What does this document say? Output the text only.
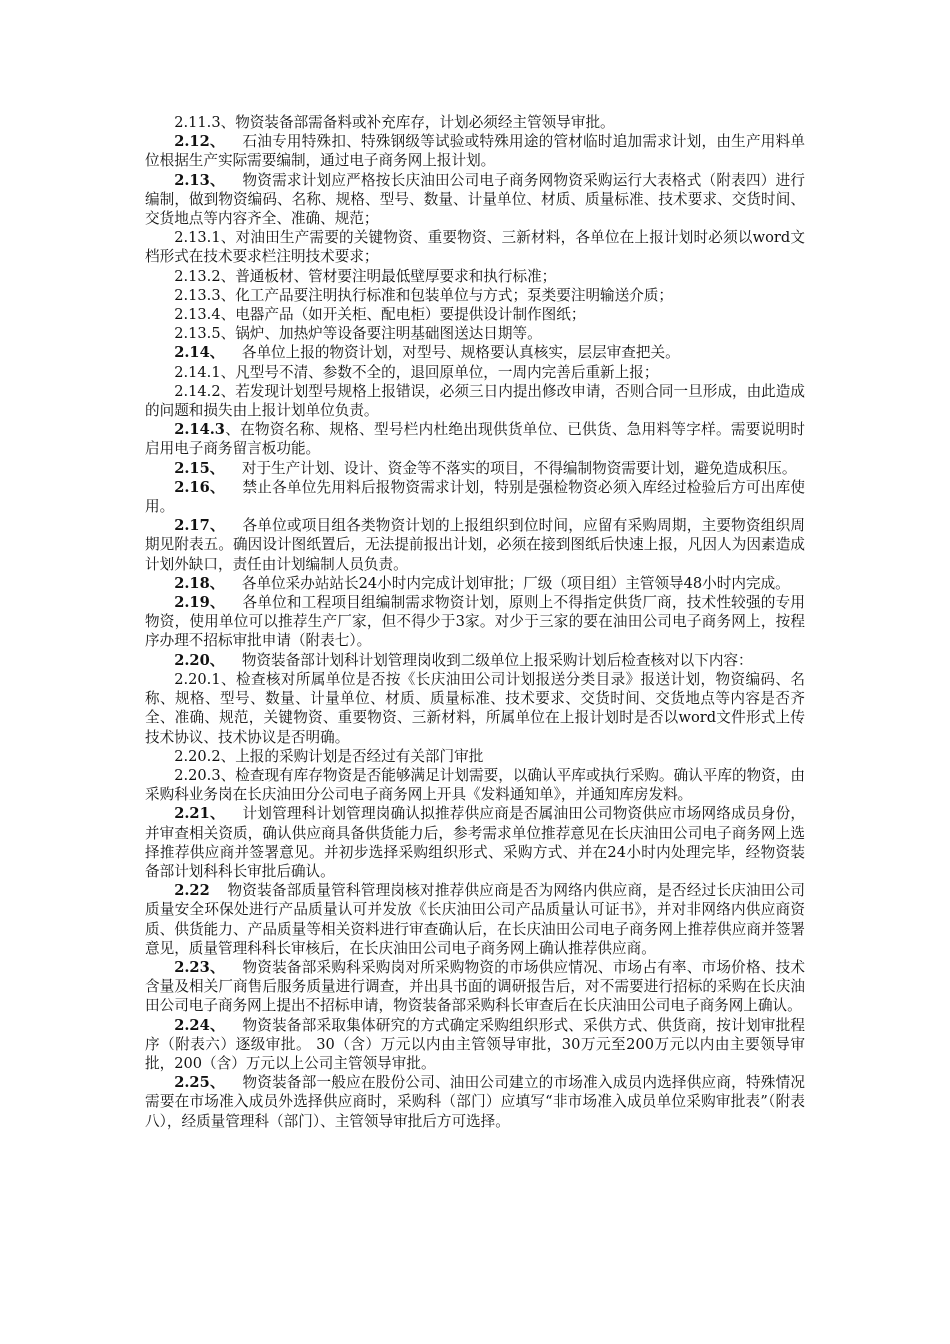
2.11.3、物资装备部需备料或补充库存，计划必须经主管领导审批。

2.12、 石油专用特殊扣、特殊钢级等试验或特殊用途的管材临时追加需求计划，由生产用料单位根据生产实际需要编制，通过电子商务网上报计划。

2.13、 物资需求计划应严格按长庆油田公司电子商务网物资采购运行大表格式（附表四）进行编制，做到物资编码、名称、规格、型号、数量、计量单位、材质、质量标准、技术要求、交货时间、交货地点等内容齐全、准确、规范；

2.13.1、对油田生产需要的关键物资、重要物资、三新材料，各单位在上报计划时必须以word文档形式在技术要求栏注明技术要求；

2.13.2、普通板材、管材要注明最低壁厚要求和执行标准；

2.13.3、化工产品要注明执行标准和包装单位与方式；泵类要注明输送介质；

2.13.4、电器产品（如开关柜、配电柜）要提供设计制作图纸；

2.13.5、锅炉、加热炉等设备要注明基础图送达日期等。

2.14、 各单位上报的物资计划，对型号、规格要认真核实，层层审查把关。

2.14.1、凡型号不清、参数不全的，退回原单位，一周内完善后重新上报；

2.14.2、若发现计划型号规格上报错误，必须三日内提出修改申请，否则合同一旦形成，由此造成的问题和损失由上报计划单位负责。

2.14.3、在物资名称、规格、型号栏内杜绝出现供货单位、已供货、急用料等字样。需要说明时启用电子商务留言板功能。

2.15、 对于生产计划、设计、资金等不落实的项目，不得编制物资需要计划，避免造成积压。

2.16、 禁止各单位先用料后报物资需求计划，特别是强检物资必须入库经过检验后方可出库使用。

2.17、 各单位或项目组各类物资计划的上报组织到位时间，应留有采购周期，主要物资组织周期见附表五。确因设计图纸置后，无法提前报出计划，必须在接到图纸后快速上报，凡因人为因素造成计划外缺口，责任由计划编制人员负责。

2.18、 各单位采办站站长24小时内完成计划审批；厂级（项目组）主管领导48小时内完成。

2.19、 各单位和工程项目组编制需求物资计划，原则上不得指定供货厂商，技术性较强的专用物资，使用单位可以推荐生产厂家，但不得少于3家。对少于三家的要在油田公司电子商务网上，按程序办理不招标审批申请（附表七）。

2.20、 物资装备部计划科计划管理岗收到二级单位上报采购计划后检查核对以下内容：

2.20.1、检查核对所属单位是否按《长庆油田公司计划报送分类目录》报送计划，物资编码、名称、规格、型号、数量、计量单位、材质、质量标准、技术要求、交货时间、交货地点等内容是否齐全、准确、规范，关键物资、重要物资、三新材料，所属单位在上报计划时是否以word文件形式上传技术协议、技术协议是否明确。

2.20.2、上报的采购计划是否经过有关部门审批

2.20.3、检查现有库存物资是否能够满足计划需要，以确认平库或执行采购。确认平库的物资，由采购科业务岗在长庆油田分公司电子商务网上开具《发料通知单》，并通知库房发料。

2.21、 计划管理科计划管理岗确认拟推荐供应商是否属油田公司物资供应市场网络成员身份，并审查相关资质，确认供应商具备供货能力后，参考需求单位推荐意见在长庆油田公司电子商务网上选择推荐供应商并签署意见。并初步选择采购组织形式、采购方式、并在24小时内处理完毕，经物资装备部计划科科长审批后确认。

2.22 物资装备部质量管科管理岗核对推荐供应商是否为网络内供应商，是否经过长庆油田公司质量安全环保处进行产品质量认可并发放《长庆油田公司产品质量认可证书》，并对非网络内供应商资质、供货能力、产品质量等相关资料进行审查确认后，在长庆油田公司电子商务网上推荐供应商并签署意见，质量管理科科长审核后，在长庆油田公司电子商务网上确认推荐供应商。

2.23、 物资装备部采购科采购岗对所采购物资的市场供应情况、市场占有率、市场价格、技术含量及相关厂商售后服务质量进行调查，并出具书面的调研报告后，对不需要进行招标的采购在长庆油田公司电子商务网上提出不招标申请，物资装备部采购科长审查后在长庆油田公司电子商务网上确认。

2.24、 物资装备部采取集体研究的方式确定采购组织形式、采供方式、供货商，按计划审批程序（附表六）逐级审批。 30（含）万元以内由主管领导审批，30万元至200万元以内由主要领导审批，200（含）万元以上公司主管领导审批。

2.25、 物资装备部一般应在股份公司、油田公司建立的市场准入成员内选择供应商，特殊情况需要在市场准入成员外选择供应商时，采购科（部门）应填写“非市场准入成员单位采购审批表”（附表八），经质量管理科（部门）、主管领导审批后方可选择。
